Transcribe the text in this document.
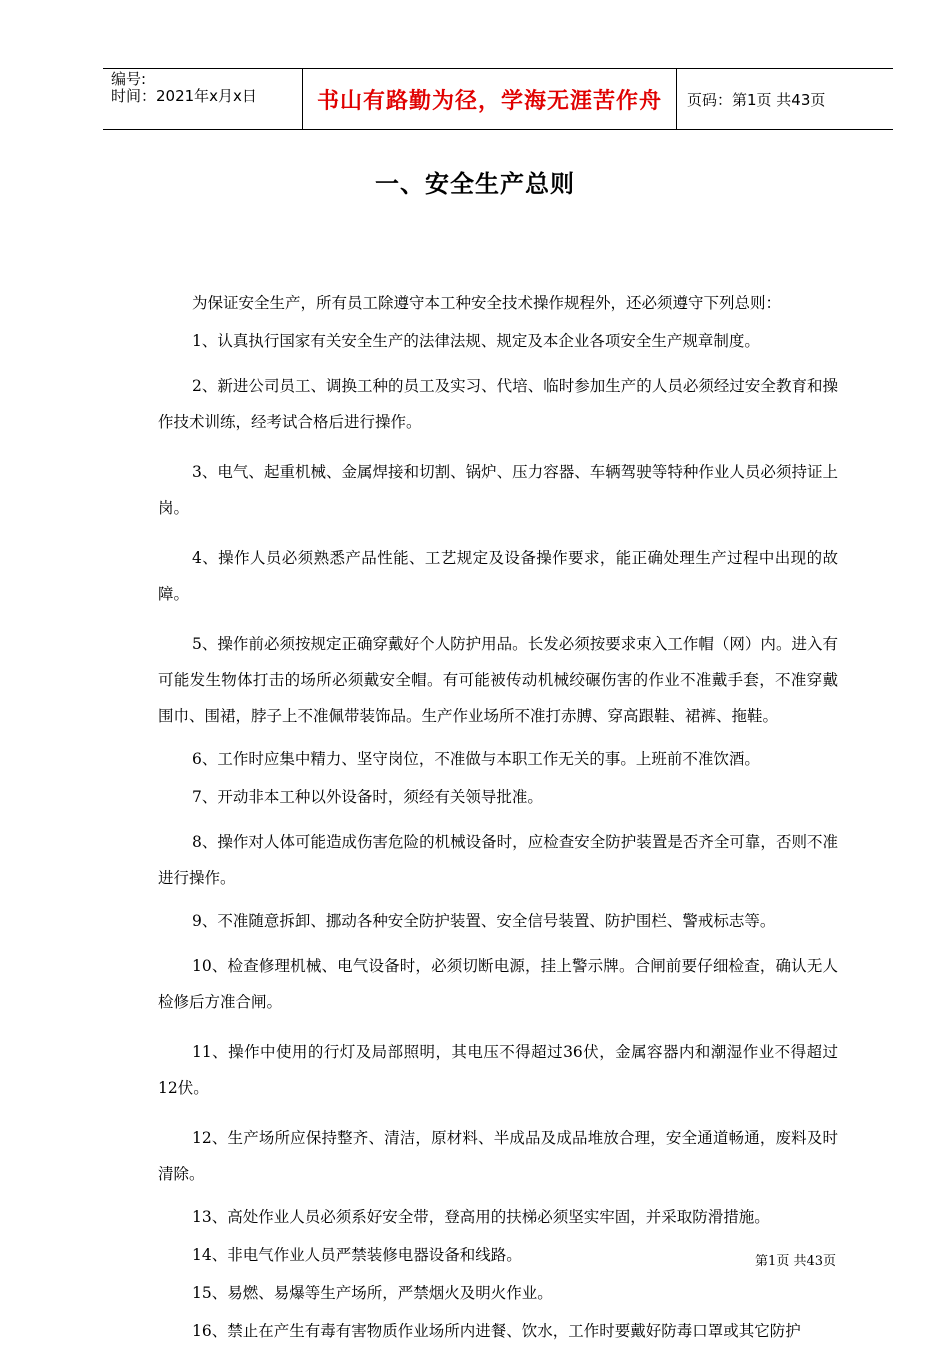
编号:
时间：2021年x月x日	书山有路勤为径，学海无涯苦作舟	页码：第1页 共43页
一、安全生产总则

为保证安全生产，所有员工除遵守本工种安全技术操作规程外，还必须遵守下列总则：

1、认真执行国家有关安全生产的法律法规、规定及本企业各项安全生产规章制度。

2、新进公司员工、调换工种的员工及实习、代培、临时参加生产的人员必须经过安全教育和操作技术训练，经考试合格后进行操作。

3、电气、起重机械、金属焊接和切割、锅炉、压力容器、车辆驾驶等特种作业人员必须持证上岗。

4、操作人员必须熟悉产品性能、工艺规定及设备操作要求，能正确处理生产过程中出现的故障。

5、操作前必须按规定正确穿戴好个人防护用品。长发必须按要求束入工作帽（网）内。进入有可能发生物体打击的场所必须戴安全帽。有可能被传动机械绞碾伤害的作业不准戴手套，不准穿戴围巾、围裙，脖子上不准佩带装饰品。生产作业场所不准打赤膊、穿高跟鞋、裙裤、拖鞋。

6、工作时应集中精力、坚守岗位，不准做与本职工作无关的事。上班前不准饮酒。

7、开动非本工种以外设备时，须经有关领导批准。

8、操作对人体可能造成伤害危险的机械设备时，应检查安全防护装置是否齐全可靠，否则不准进行操作。

9、不准随意拆卸、挪动各种安全防护装置、安全信号装置、防护围栏、警戒标志等。

10、检查修理机械、电气设备时，必须切断电源，挂上警示牌。合闸前要仔细检查，确认无人检修后方准合闸。

11、操作中使用的行灯及局部照明，其电压不得超过36伏，金属容器内和潮湿作业不得超过12伏。

12、生产场所应保持整齐、清洁，原材料、半成品及成品堆放合理，安全通道畅通，废料及时清除。

13、高处作业人员必须系好安全带，登高用的扶梯必须坚实牢固，并采取防滑措施。

14、非电气作业人员严禁装修电器设备和线路。

15、易燃、易爆等生产场所，严禁烟火及明火作业。

16、禁止在产生有毒有害物质作业场所内进餐、饮水，工作时要戴好防毒口罩或其它防护

第1页 共43页
